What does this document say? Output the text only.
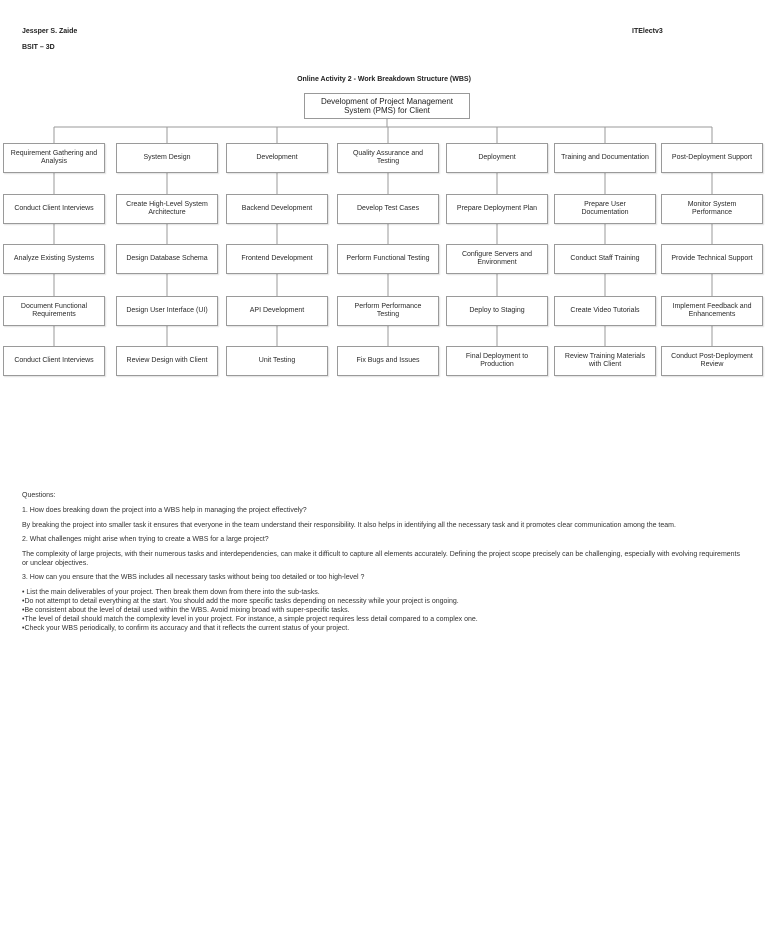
Jessper S. Zaide
BSIT – 3D
ITElectv3
Online Activity 2 - Work Breakdown Structure (WBS)
Development of Project Management System (PMS) for Client
Requirement Gathering and Analysis
Conduct Client Interviews
Analyze Existing Systems
Document Functional Requirements
Conduct Client Interviews
System Design
Create High-Level System Architecture
Design Database Schema
Design User Interface (UI)
Review Design with Client
Development
Backend Development
Frontend Development
API Development
Unit Testing
Quality Assurance and Testing
Develop Test Cases
Perform Functional Testing
Perform Performance Testing
Fix Bugs and Issues
Deployment
Prepare Deployment Plan
Configure Servers and Environment
Deploy to Staging
Final Deployment to Production
Training and Documentation
Prepare User Documentation
Conduct Staff Training
Create Video Tutorials
Review Training Materials with Client
Post-Deployment Support
Monitor System Performance
Provide Technical Support
Implement Feedback and Enhancements
Conduct Post-Deployment Review

Questions:

1. How does breaking down the project into a WBS help in managing the project effectively?

By breaking the project into smaller task it ensures that everyone in the team understand their responsibility. It also helps in identifying all the necessary task and it promotes clear communication among the team.

2. What challenges might arise when trying to create a WBS for a large project?

The complexity of large projects, with their numerous tasks and interdependencies, can make it difficult to capture all elements accurately. Defining the project scope precisely can be challenging, especially with evolving requirements or unclear objectives.

3. How can you ensure that the WBS includes all necessary tasks without being too detailed or too high-level ?

• List the main deliverables of your project. Then break them down from there into the sub-tasks.

•Do not attempt to detail everything at the start. You should add the more specific tasks depending on necessity while your project is ongoing.

•Be consistent about the level of detail used within the WBS. Avoid mixing broad with super-specific tasks.

•The level of detail should match the complexity level in your project. For instance, a simple project requires less detail compared to a complex one.

•Check your WBS periodically, to confirm its accuracy and that it reflects the current status of your project.
